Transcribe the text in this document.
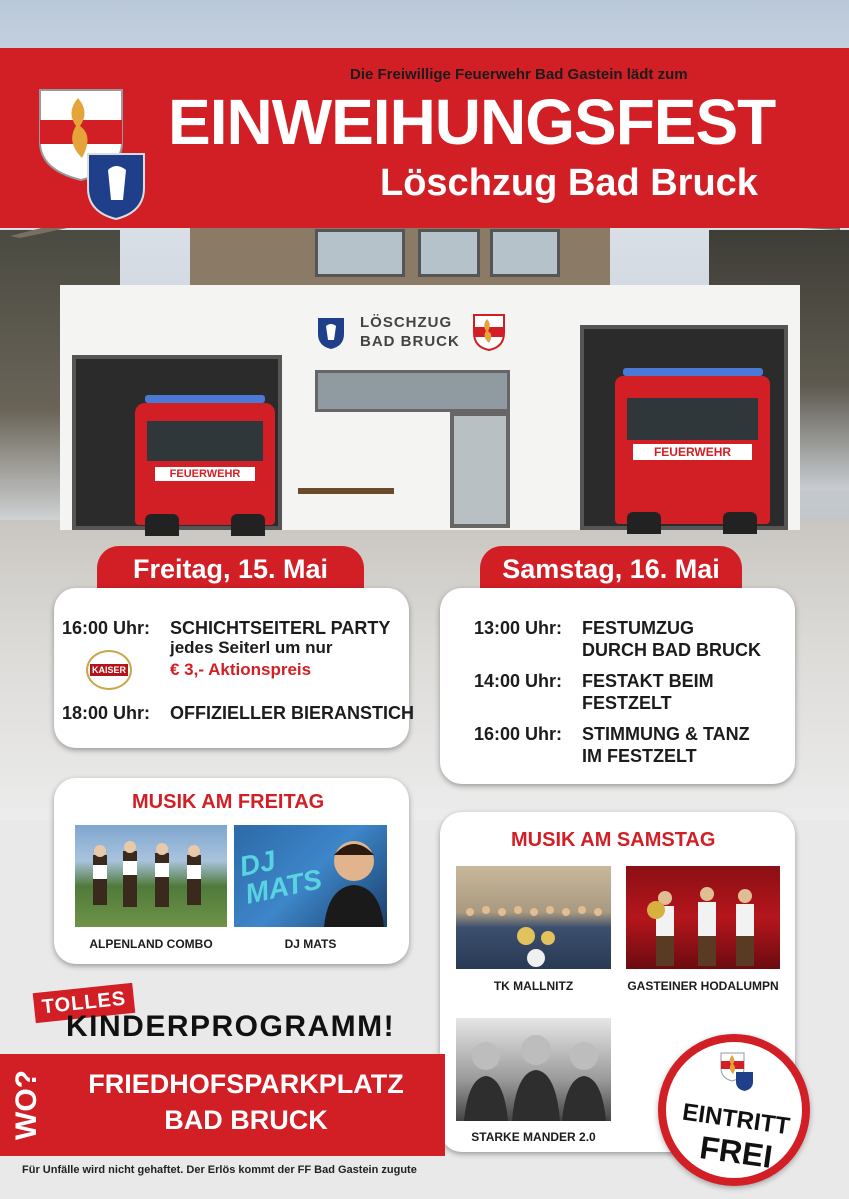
LÖSCHZUG
BAD BRUCK
FEUERWEHR
FEUERWEHR
Die Freiwillige Feuerwehr Bad Gastein lädt zum
EINWEIHUNGSFEST
Löschzug Bad Bruck
Freitag, 15. Mai
16:00 Uhr: SCHICHTSEITERL PARTY
jedes Seiterl um nur
€ 3,- Aktionspreis
KAISER
18:00 Uhr: OFFIZIELLER BIERANSTICH
Samstag, 16. Mai
13:00 Uhr: FESTUMZUG
DURCH BAD BRUCK
14:00 Uhr: FESTAKT BEIM
FESTZELT
16:00 Uhr: STIMMUNG & TANZ
IM FESTZELT
MUSIK AM FREITAG
ALPENLAND COMBO
DJ MATS
DJ MATS
MUSIK AM SAMSTAG
TK MALLNITZ	GASTEINER HODALUMPN
STARKE MANDER 2.0
TOLLES
KINDERPROGRAMM!
WO?	FRIEDHOFSPARKPLATZ
BAD BRUCK	EINTRITT
FREI
Für Unfälle wird nicht gehaftet. Der Erlös kommt der FF Bad Gastein zugute
